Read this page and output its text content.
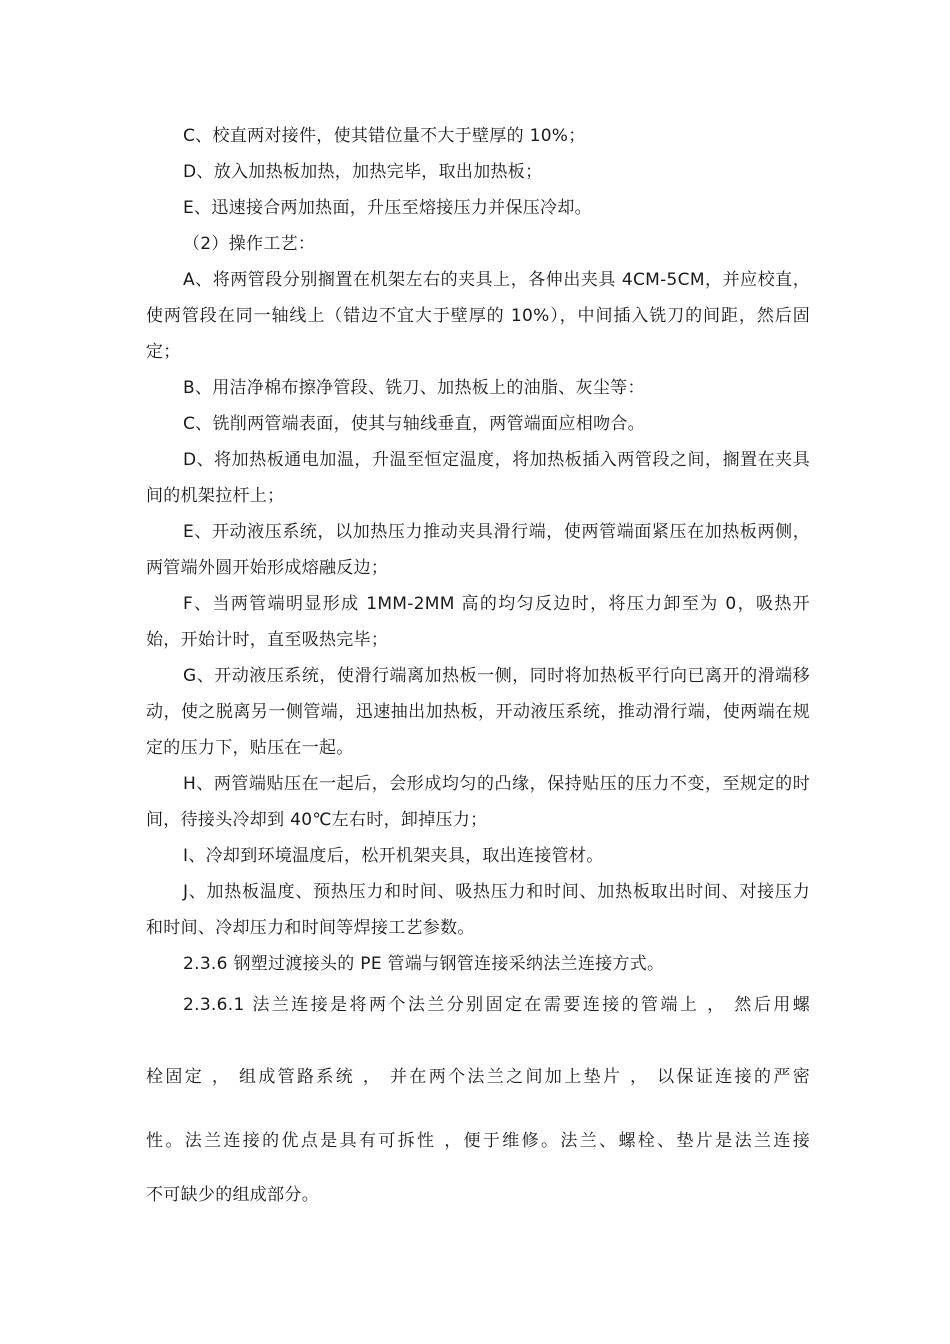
C、校直两对接件，使其错位量不大于壁厚的 10%；

D、放入加热板加热，加热完毕，取出加热板；

E、迅速接合两加热面，升压至熔接压力并保压冷却。

（2）操作工艺：

A、将两管段分别搁置在机架左右的夹具上，各伸出夹具 4CM-5CM，并应校直，使两管段在同一轴线上（错边不宜大于壁厚的 10%），中间插入铣刀的间距，然后固定；

B、用洁净棉布擦净管段、铣刀、加热板上的油脂、灰尘等：

C、铣削两管端表面，使其与轴线垂直，两管端面应相吻合。

D、将加热板通电加温，升温至恒定温度，将加热板插入两管段之间，搁置在夹具间的机架拉杆上；

E、开动液压系统，以加热压力推动夹具滑行端，使两管端面紧压在加热板两侧，两管端外圆开始形成熔融反边；

F、当两管端明显形成 1MM-2MM 高的均匀反边时，将压力卸至为 0，吸热开始，开始计时，直至吸热完毕；

G、开动液压系统，使滑行端离加热板一侧，同时将加热板平行向已离开的滑端移动，使之脱离另一侧管端，迅速抽出加热板，开动液压系统，推动滑行端，使两端在规定的压力下，贴压在一起。

H、两管端贴压在一起后，会形成均匀的凸缘，保持贴压的压力不变，至规定的时间，待接头冷却到 40℃左右时，卸掉压力；

I、冷却到环境温度后，松开机架夹具，取出连接管材。

J、加热板温度、预热压力和时间、吸热压力和时间、加热板取出时间、对接压力和时间、冷却压力和时间等焊接工艺参数。

2.3.6 钢塑过渡接头的 PE 管端与钢管连接采纳法兰连接方式。

2.3.6.1 法兰连接是将两个法兰分别固定在需要连接的管端上 ， 然后用螺
栓固定 ， 组成管路系统 ， 并在两个法兰之间加上垫片 ， 以保证连接的严密
性。法兰连接的优点是具有可拆性 ，便于维修。法兰、螺栓、垫片是法兰连接
不可缺少的组成部分。
